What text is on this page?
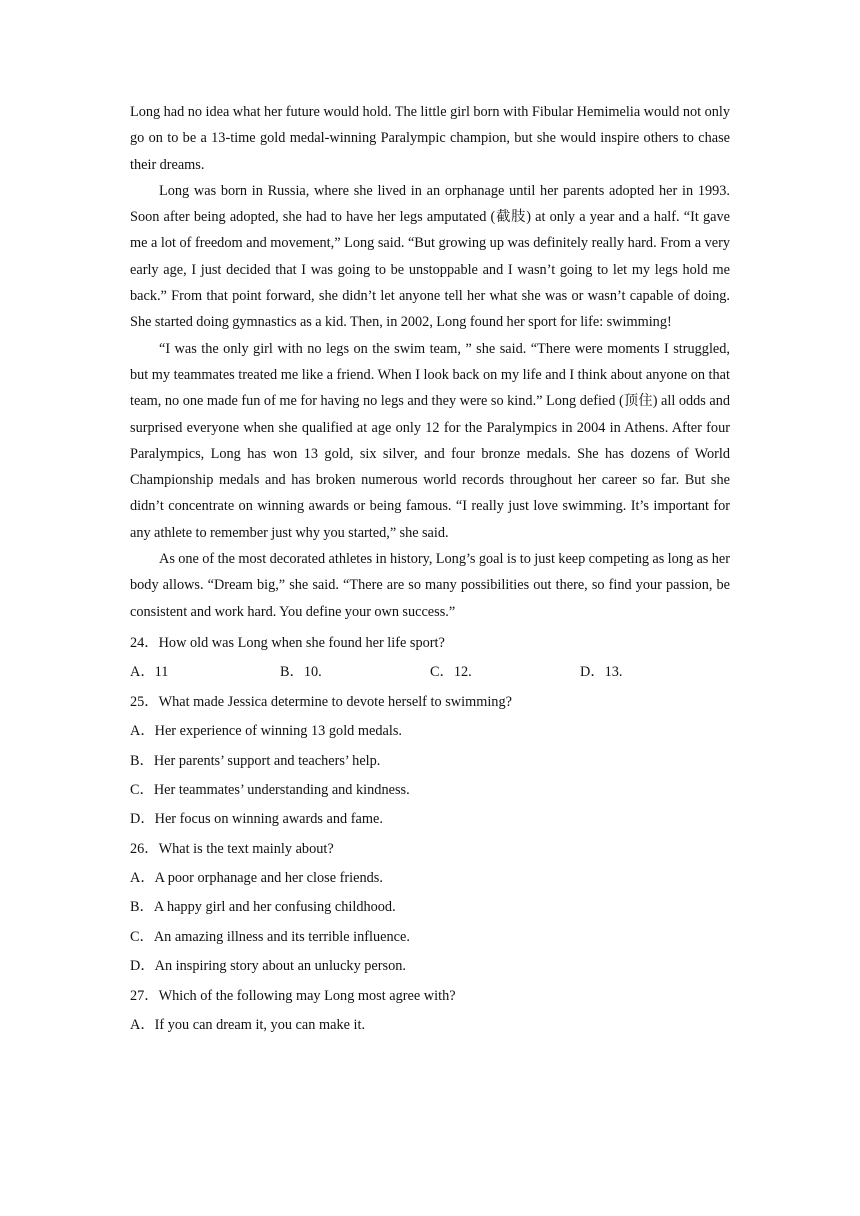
Long had no idea what her future would hold. The little girl born with Fibular Hemimelia would not only go on to be a 13-time gold medal-winning Paralympic champion, but she would inspire others to chase their dreams.

Long was born in Russia, where she lived in an orphanage until her parents adopted her in 1993. Soon after being adopted, she had to have her legs amputated (截肢) at only a year and a half. “It gave me a lot of freedom and movement,” Long said. “But growing up was definitely really hard. From a very early age, I just decided that I was going to be unstoppable and I wasn’t going to let my legs hold me back.” From that point forward, she didn’t let anyone tell her what she was or wasn’t capable of doing. She started doing gymnastics as a kid. Then, in 2002, Long found her sport for life: swimming!

“I was the only girl with no legs on the swim team, ” she said. “There were moments I struggled, but my teammates treated me like a friend. When I look back on my life and I think about anyone on that team, no one made fun of me for having no legs and they were so kind.” Long defied (顶住) all odds and surprised everyone when she qualified at age only 12 for the Paralympics in 2004 in Athens. After four Paralympics, Long has won 13 gold, six silver, and four bronze medals. She has dozens of World Championship medals and has broken numerous world records throughout her career so far. But she didn’t concentrate on winning awards or being famous. “I really just love swimming. It’s important for any athlete to remember just why you started,” she said.

As one of the most decorated athletes in history, Long’s goal is to just keep competing as long as her body allows. “Dream big,” she said. “There are so many possibilities out there, so find your passion, be consistent and work hard. You define your own success.”

24．How old was Long when she found her life sport?
A．11	B．10.	C．12.	D．13.
25．What made Jessica determine to devote herself to swimming?
A．Her experience of winning 13 gold medals.
B．Her parents’ support and teachers’ help.
C．Her teammates’ understanding and kindness.
D．Her focus on winning awards and fame.
26．What is the text mainly about?
A．A poor orphanage and her close friends.
B．A happy girl and her confusing childhood.
C．An amazing illness and its terrible influence.
D．An inspiring story about an unlucky person.
27．Which of the following may Long most agree with?
A．If you can dream it, you can make it.
